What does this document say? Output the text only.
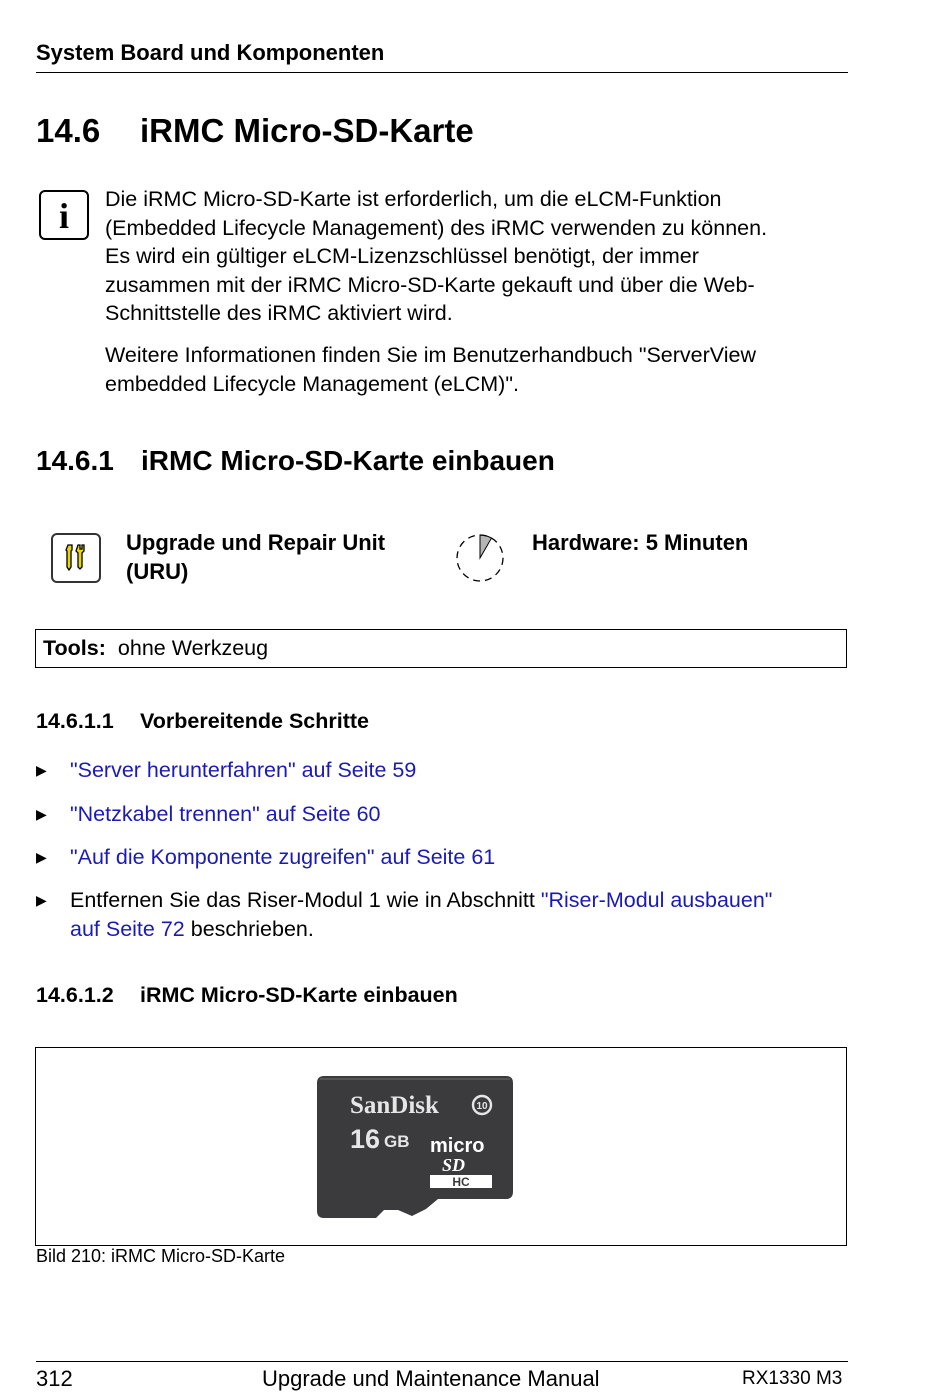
System Board und Komponenten
14.6 iRMC Micro-SD-Karte
i	Die iRMC Micro-SD-Karte ist erforderlich, um die eLCM-Funktion
(Embedded Lifecycle Management) des iRMC verwenden zu können.
Es wird ein gültiger eLCM-Lizenzschlüssel benötigt, der immer
zusammen mit der iRMC Micro-SD-Karte gekauft und über die Web-
Schnittstelle des iRMC aktiviert wird.
Weitere Informationen finden Sie im Benutzerhandbuch "ServerView
embedded Lifecycle Management (eLCM)".
14.6.1 iRMC Micro-SD-Karte einbauen
Upgrade und Repair Unit
(URU)
Hardware: 5 Minuten
Tools: ohne Werkzeug
14.6.1.1 Vorbereitende Schritte
▶ "Server herunterfahren" auf Seite 59
▶ "Netzkabel trennen" auf Seite 60
▶ "Auf die Komponente zugreifen" auf Seite 61
▶ Entfernen Sie das Riser-Modul 1 wie in Abschnitt "Riser-Modul ausbauen"
auf Seite 72 beschrieben.
14.6.1.2 iRMC Micro-SD-Karte einbauen
SanDisk	10
16 GB micro
SD
HC
Bild 210: iRMC Micro-SD-Karte
312	Upgrade und Maintenance Manual	RX1330 M3
